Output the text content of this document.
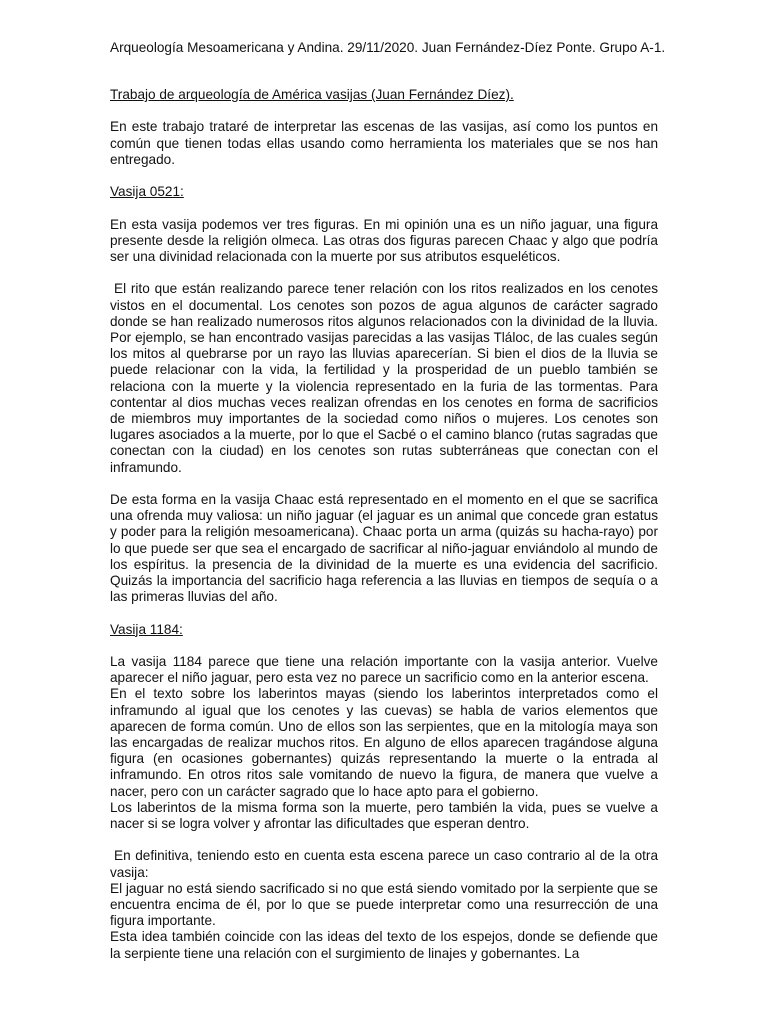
Arqueología Mesoamericana y Andina. 29/11/2020. Juan Fernández-Díez Ponte. Grupo A-1.

Trabajo de arqueología de América vasijas (Juan Fernández Díez).

En este trabajo trataré de interpretar las escenas de las vasijas, así como los puntos en común que tienen todas ellas usando como herramienta los materiales que se nos han entregado.

Vasija 0521:

En esta vasija podemos ver tres figuras. En mi opinión una es un niño jaguar, una figura presente desde la religión olmeca. Las otras dos figuras parecen Chaac y algo que podría ser una divinidad relacionada con la muerte por sus atributos esqueléticos.

El rito que están realizando parece tener relación con los ritos realizados en los cenotes vistos en el documental. Los cenotes son pozos de agua algunos de carácter sagrado donde se han realizado numerosos ritos algunos relacionados con la divinidad de la lluvia. Por ejemplo, se han encontrado vasijas parecidas a las vasijas Tláloc, de las cuales según los mitos al quebrarse por un rayo las lluvias aparecerían. Si bien el dios de la lluvia se puede relacionar con la vida, la fertilidad y la prosperidad de un pueblo también se relaciona con la muerte y la violencia representado en la furia de las tormentas. Para contentar al dios muchas veces realizan ofrendas en los cenotes en forma de sacrificios de miembros muy importantes de la sociedad como niños o mujeres. Los cenotes son lugares asociados a la muerte, por lo que el Sacbé o el camino blanco (rutas sagradas que conectan con la ciudad) en los cenotes son rutas subterráneas que conectan con el inframundo.

De esta forma en la vasija Chaac está representado en el momento en el que se sacrifica una ofrenda muy valiosa: un niño jaguar (el jaguar es un animal que concede gran estatus y poder para la religión mesoamericana). Chaac porta un arma (quizás su hacha-rayo) por lo que puede ser que sea el encargado de sacrificar al niño-jaguar enviándolo al mundo de los espíritus. la presencia de la divinidad de la muerte es una evidencia del sacrificio. Quizás la importancia del sacrificio haga referencia a las lluvias en tiempos de sequía o a las primeras lluvias del año.

Vasija 1184:

La vasija 1184 parece que tiene una relación importante con la vasija anterior. Vuelve aparecer el niño jaguar, pero esta vez no parece un sacrificio como en la anterior escena.

En el texto sobre los laberintos mayas (siendo los laberintos interpretados como el inframundo al igual que los cenotes y las cuevas) se habla de varios elementos que aparecen de forma común. Uno de ellos son las serpientes, que en la mitología maya son las encargadas de realizar muchos ritos. En alguno de ellos aparecen tragándose alguna figura (en ocasiones gobernantes) quizás representando la muerte o la entrada al inframundo. En otros ritos sale vomitando de nuevo la figura, de manera que vuelve a nacer, pero con un carácter sagrado que lo hace apto para el gobierno.

Los laberintos de la misma forma son la muerte, pero también la vida, pues se vuelve a nacer si se logra volver y afrontar las dificultades que esperan dentro.

En definitiva, teniendo esto en cuenta esta escena parece un caso contrario al de la otra vasija:

El jaguar no está siendo sacrificado si no que está siendo vomitado por la serpiente que se encuentra encima de él, por lo que se puede interpretar como una resurrección de una figura importante.

Esta idea también coincide con las ideas del texto de los espejos, donde se defiende que la serpiente tiene una relación con el surgimiento de linajes y gobernantes. La
